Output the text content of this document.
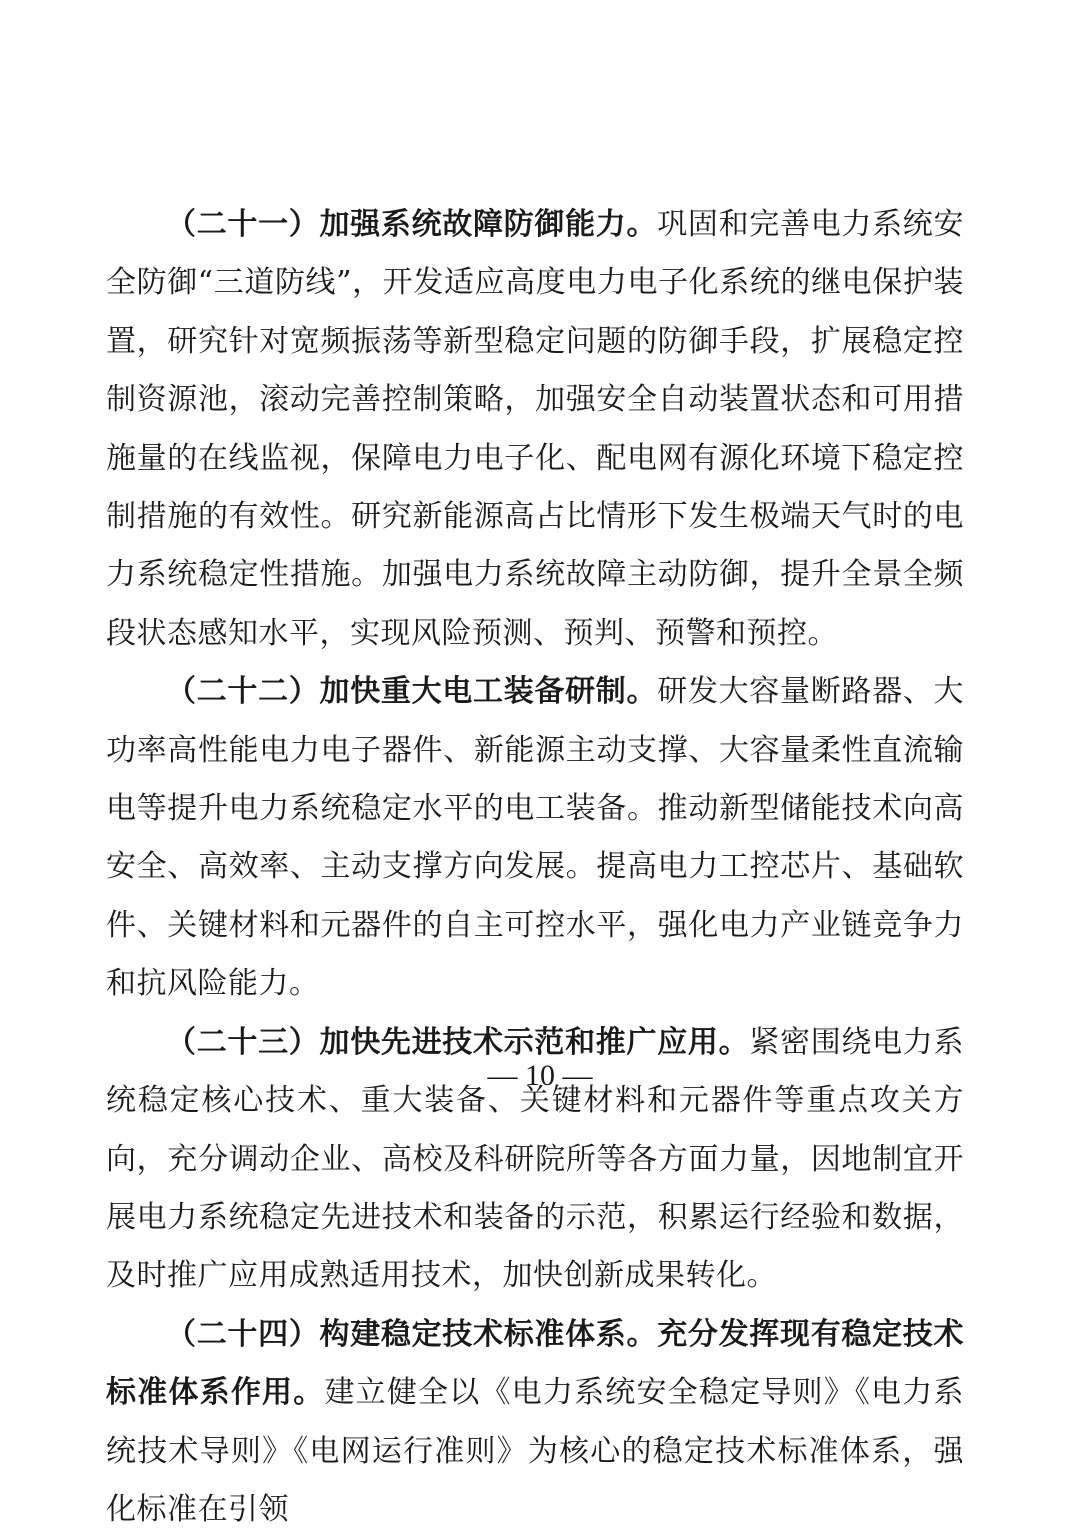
（二十一）加强系统故障防御能力。巩固和完善电力系统安全防御“三道防线”，开发适应高度电力电子化系统的继电保护装置，研究针对宽频振荡等新型稳定问题的防御手段，扩展稳定控制资源池，滚动完善控制策略，加强安全自动装置状态和可用措施量的在线监视，保障电力电子化、配电网有源化环境下稳定控制措施的有效性。研究新能源高占比情形下发生极端天气时的电力系统稳定性措施。加强电力系统故障主动防御，提升全景全频段状态感知水平，实现风险预测、预判、预警和预控。

（二十二）加快重大电工装备研制。研发大容量断路器、大功率高性能电力电子器件、新能源主动支撑、大容量柔性直流输电等提升电力系统稳定水平的电工装备。推动新型储能技术向高安全、高效率、主动支撑方向发展。提高电力工控芯片、基础软件、关键材料和元器件的自主可控水平，强化电力产业链竞争力和抗风险能力。

（二十三）加快先进技术示范和推广应用。紧密围绕电力系统稳定核心技术、重大装备、关键材料和元器件等重点攻关方向，充分调动企业、高校及科研院所等各方面力量，因地制宜开展电力系统稳定先进技术和装备的示范，积累运行经验和数据，及时推广应用成熟适用技术，加快创新成果转化。

（二十四）构建稳定技术标准体系。充分发挥现有稳定技术标准体系作用。建立健全以《电力系统安全稳定导则》《电力系统技术导则》《电网运行准则》为核心的稳定技术标准体系，强化标准在引领

— 10 —
